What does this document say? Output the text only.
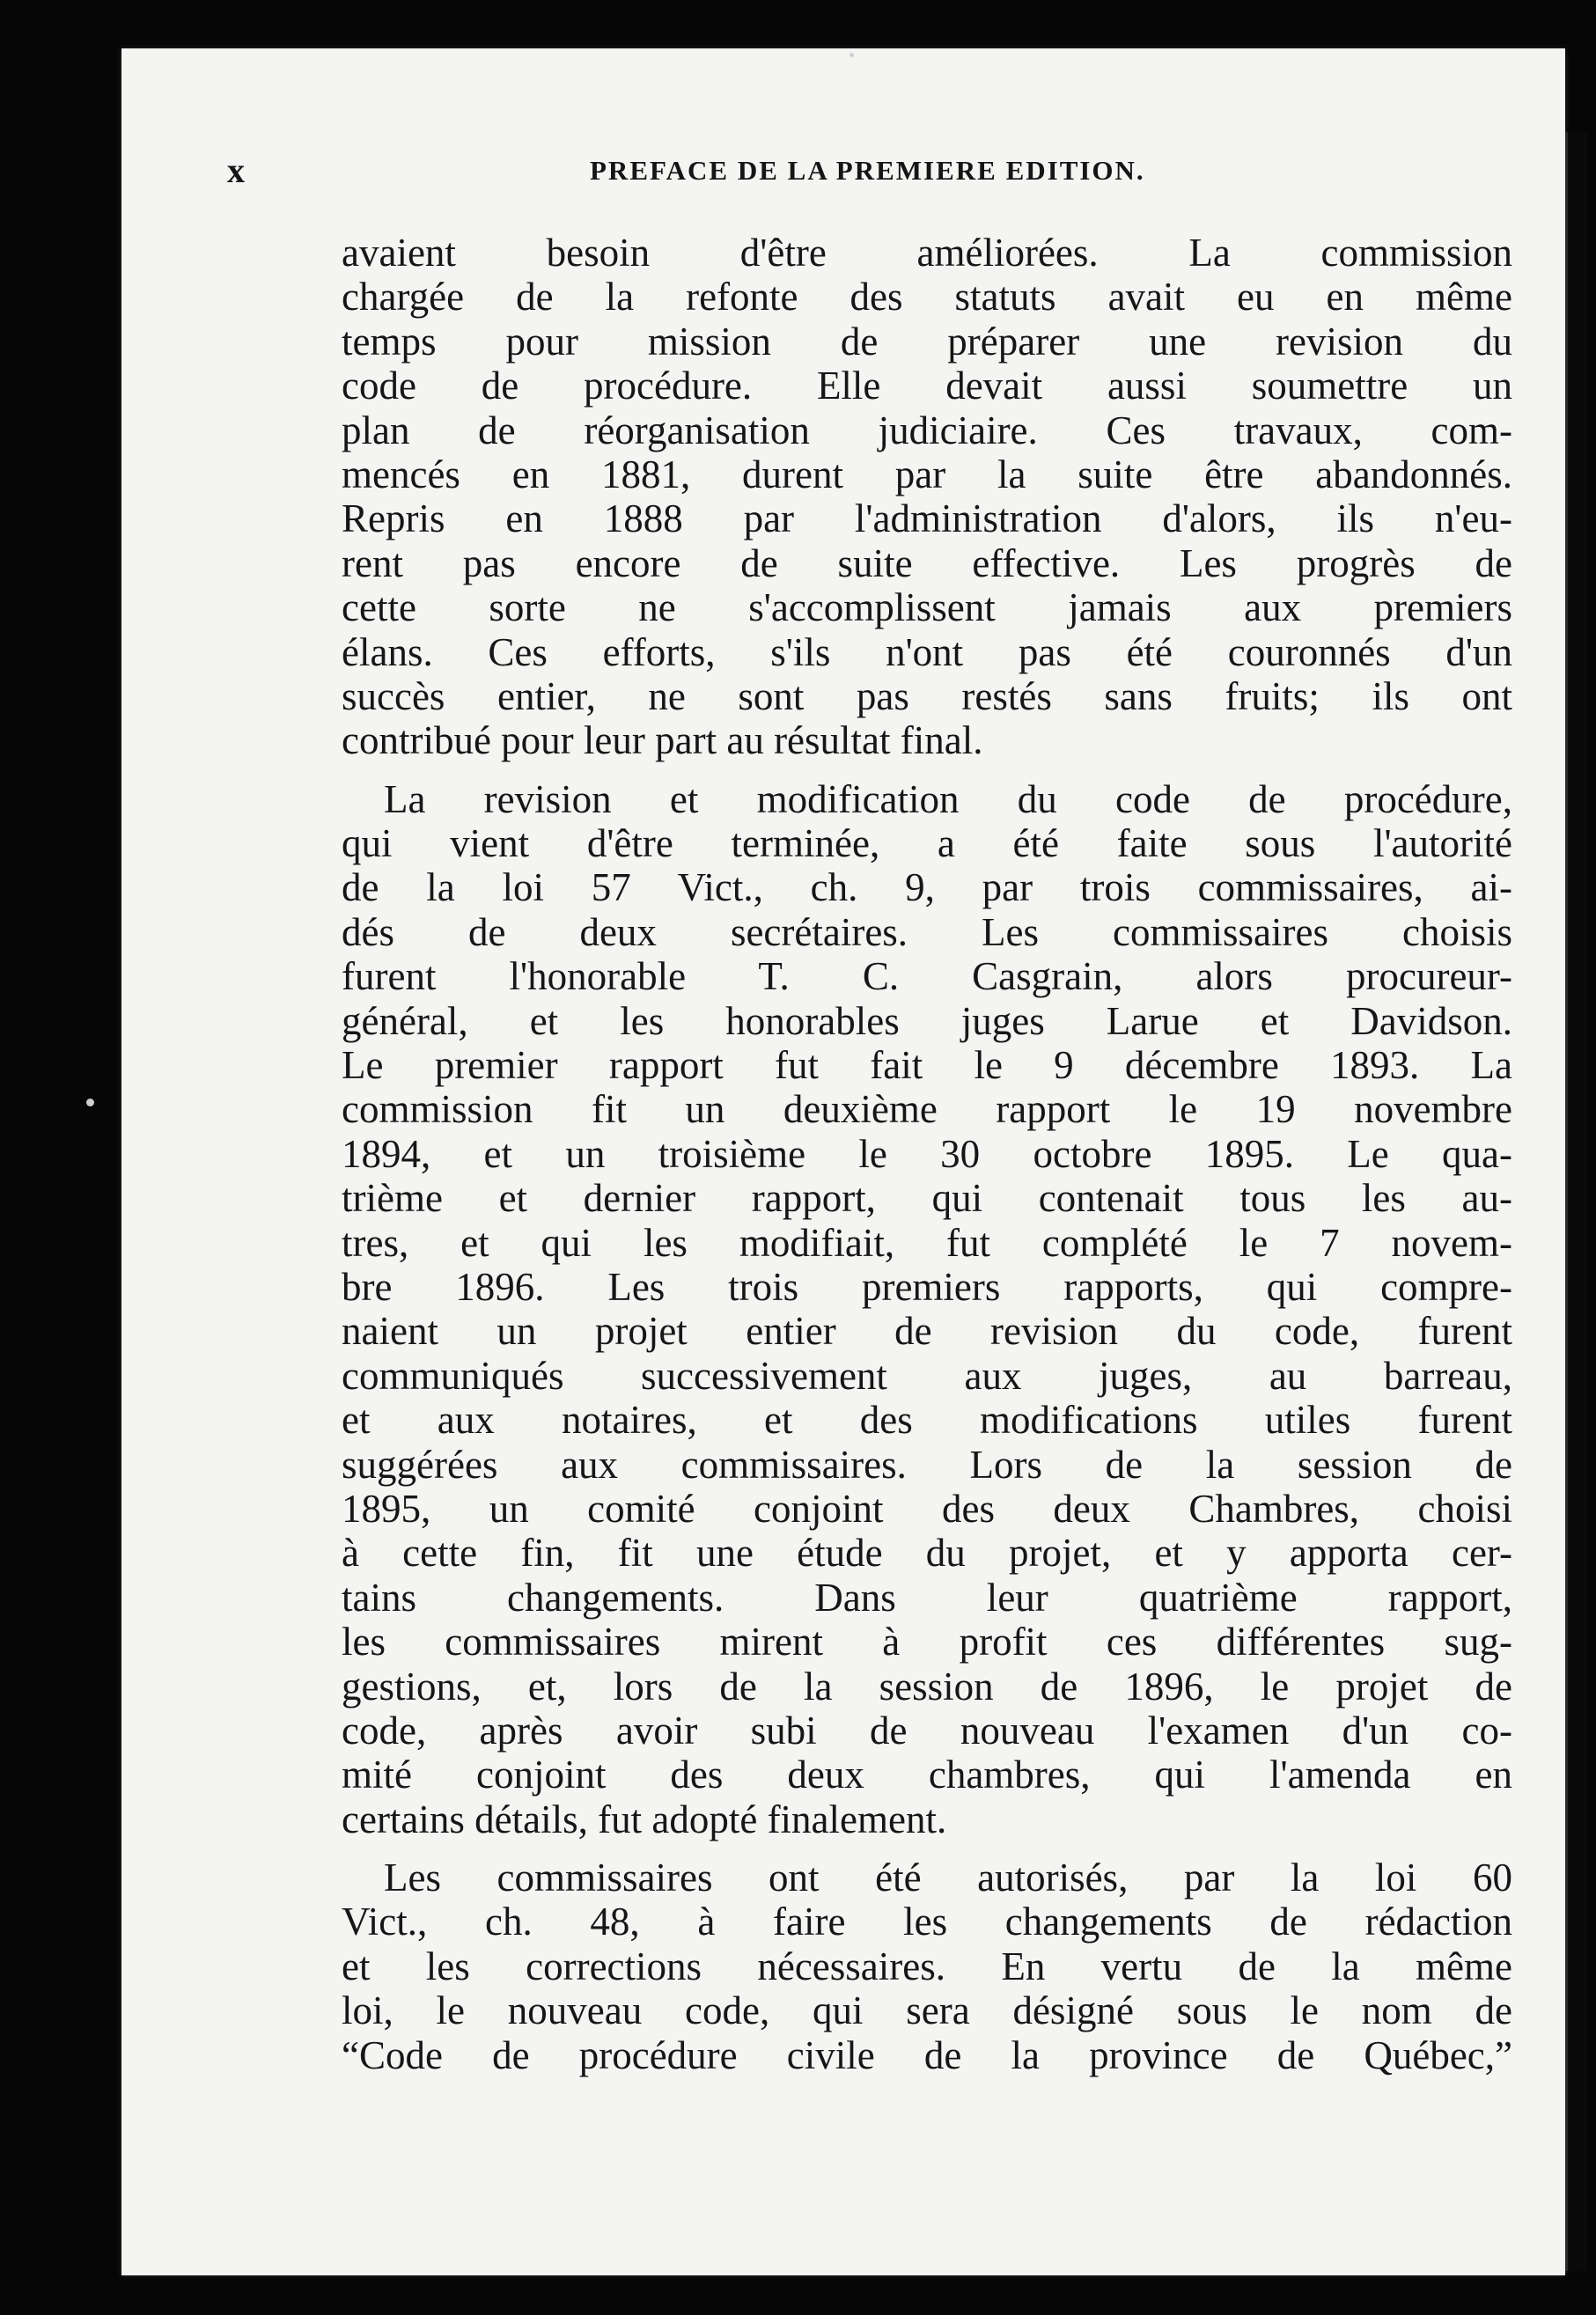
x	PREFACE DE LA PREMIERE EDITION.
avaient besoin d'être améliorées. La commission
chargée de la refonte des statuts avait eu en même
temps pour mission de préparer une revision du
code de procédure. Elle devait aussi soumettre un
plan de réorganisation judiciaire. Ces travaux, com-
mencés en 1881, durent par la suite être abandonnés.
Repris en 1888 par l'administration d'alors, ils n'eu-
rent pas encore de suite effective. Les progrès de
cette sorte ne s'accomplissent jamais aux premiers
élans. Ces efforts, s'ils n'ont pas été couronnés d'un
succès entier, ne sont pas restés sans fruits; ils ont
contribué pour leur part au résultat final.
La revision et modification du code de procédure,
qui vient d'être terminée, a été faite sous l'autorité
de la loi 57 Vict., ch. 9, par trois commissaires, ai-
dés de deux secrétaires. Les commissaires choisis
furent l'honorable T. C. Casgrain, alors procureur-
général, et les honorables juges Larue et Davidson.
Le premier rapport fut fait le 9 décembre 1893. La
commission fit un deuxième rapport le 19 novembre
1894, et un troisième le 30 octobre 1895. Le qua-
trième et dernier rapport, qui contenait tous les au-
tres, et qui les modifiait, fut complété le 7 novem-
bre 1896. Les trois premiers rapports, qui compre-
naient un projet entier de revision du code, furent
communiqués successivement aux juges, au barreau,
et aux notaires, et des modifications utiles furent
suggérées aux commissaires. Lors de la session de
1895, un comité conjoint des deux Chambres, choisi
à cette fin, fit une étude du projet, et y apporta cer-
tains changements. Dans leur quatrième rapport,
les commissaires mirent à profit ces différentes sug-
gestions, et, lors de la session de 1896, le projet de
code, après avoir subi de nouveau l'examen d'un co-
mité conjoint des deux chambres, qui l'amenda en
certains détails, fut adopté finalement.
Les commissaires ont été autorisés, par la loi 60
Vict., ch. 48, à faire les changements de rédaction
et les corrections nécessaires. En vertu de la même
loi, le nouveau code, qui sera désigné sous le nom de
“Code de procédure civile de la province de Québec,”
